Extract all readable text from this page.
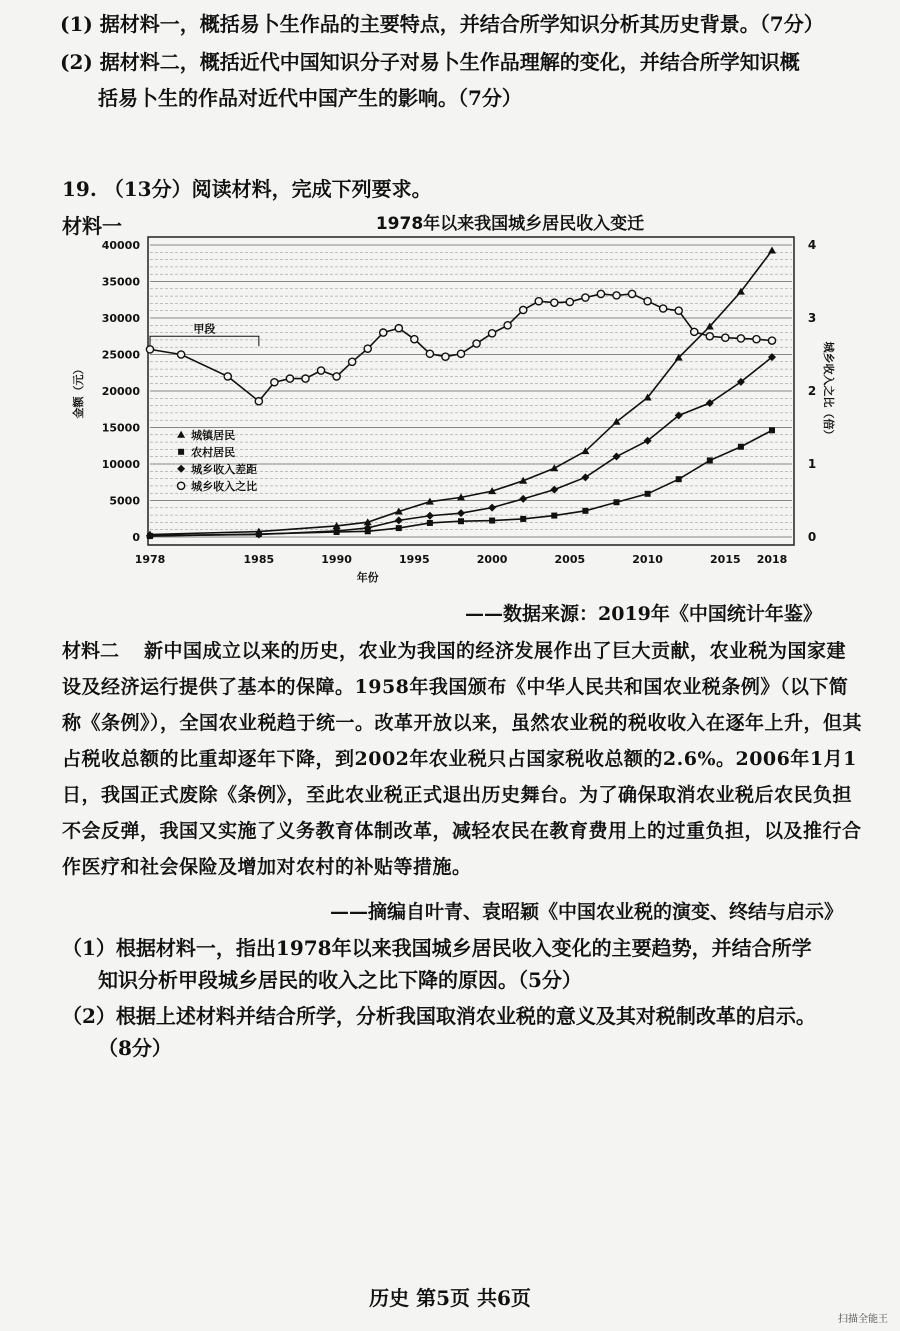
(1) 据材料一，概括易卜生作品的主要特点，并结合所学知识分析其历史背景。（7分）
(2) 据材料二，概括近代中国知识分子对易卜生作品理解的变化，并结合所学知识概
括易卜生的作品对近代中国产生的影响。（7分）
19. （13分）阅读材料，完成下列要求。
材料一	1978年以来我国城乡居民收入变迁
0
5000
10000
15000
20000
25000
30000
35000
40000
0
1
2
3
4
1978	1985	1990	1995	2000	2005	2010	2015 2018
年份
金额（元）	城乡收入之比（倍）
甲段
城镇居民
农村居民
城乡收入差距
城乡收入之比
——数据来源：2019年《中国统计年鉴》
材料二	新中国成立以来的历史，农业为我国的经济发展作出了巨大贡献，农业税为国家建设及经济运行提供了基本的保障。1958年我国颁布《中华人民共和国农业税条例》（以下简称《条例》），全国农业税趋于统一。改革开放以来，虽然农业税的税收收入在逐年上升，但其占税收总额的比重却逐年下降，到2002年农业税只占国家税收总额的2.6%。2006年1月1日，我国正式废除《条例》，至此农业税正式退出历史舞台。为了确保取消农业税后农民负担不会反弹，我国又实施了义务教育体制改革，减轻农民在教育费用上的过重负担，以及推行合作医疗和社会保险及增加对农村的补贴等措施。
——摘编自叶青、袁昭颖《中国农业税的演变、终结与启示》
（1）根据材料一，指出1978年以来我国城乡居民收入变化的主要趋势，并结合所学
知识分析甲段城乡居民的收入之比下降的原因。（5分）
（2）根据上述材料并结合所学，分析我国取消农业税的意义及其对税制改革的启示。
（8分）
历史 第5页 共6页
扫描全能王
